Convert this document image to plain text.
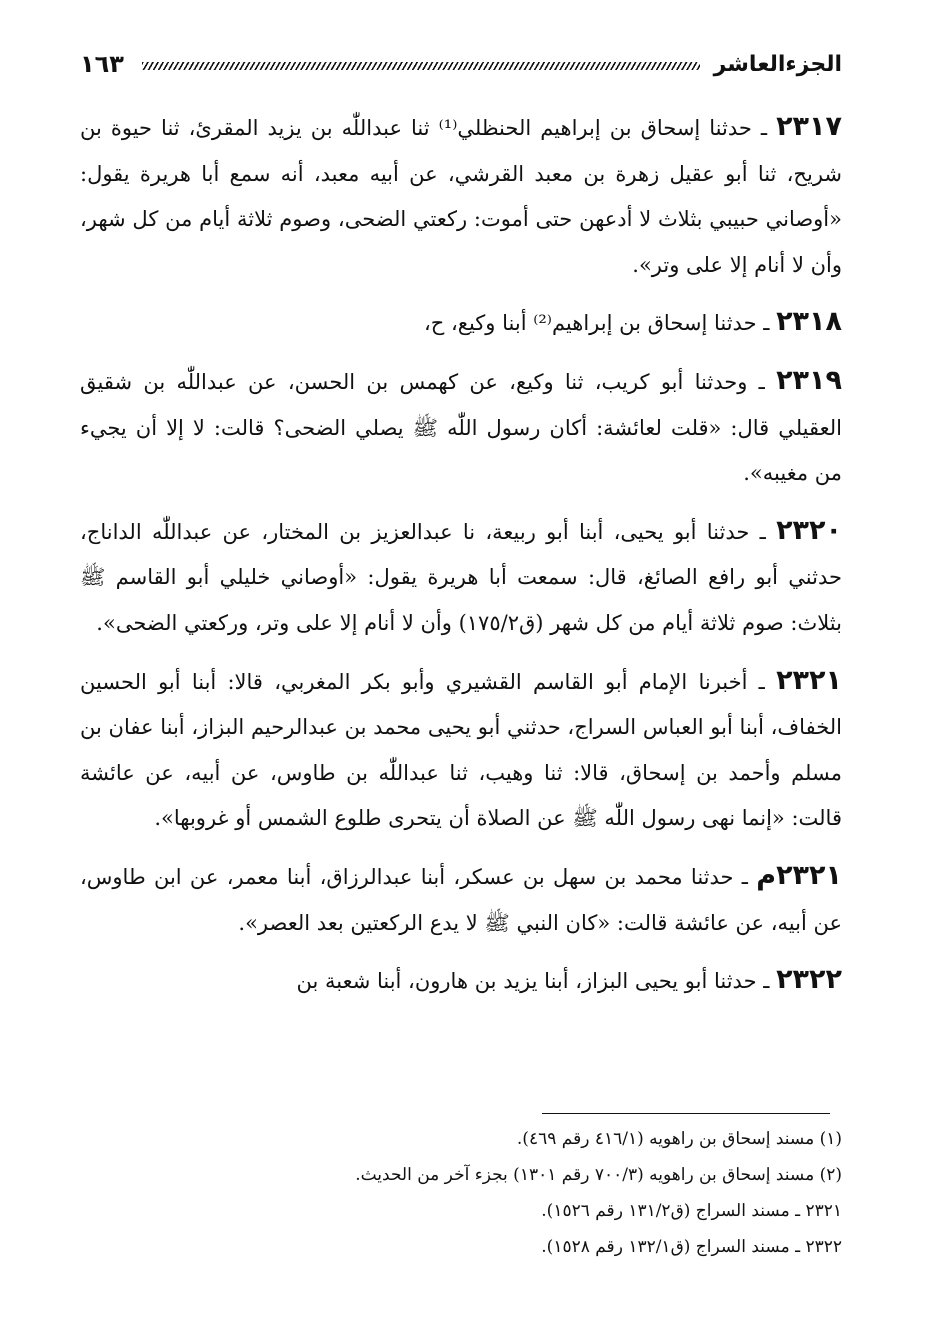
الجزءالعاشر
١٦٣

٢٣١٧ ـ حدثنا إسحاق بن إبراهيم الحنظلي⁽¹⁾ ثنا عبداللّٰه بن يزيد المقرئ، ثنا حيوة بن شريح، ثنا أبو عقيل زهرة بن معبد القرشي، عن أبيه معبد، أنه سمع أبا هريرة يقول: «أوصاني حبيبي بثلاث لا أدعهن حتى أموت: ركعتي الضحى، وصوم ثلاثة أيام من كل شهر، وأن لا أنام إلا على وتر».

٢٣١٨ ـ حدثنا إسحاق بن إبراهيم⁽²⁾ أبنا وكيع، ح،

٢٣١٩ ـ وحدثنا أبو كريب، ثنا وكيع، عن كهمس بن الحسن، عن عبداللّٰه بن شقيق العقيلي قال: «قلت لعائشة: أكان رسول اللّٰه ﷺ يصلي الضحى؟ قالت: لا إلا أن يجيء من مغيبه».

٢٣٢٠ ـ حدثنا أبو يحيى، أبنا أبو ربيعة، نا عبدالعزيز بن المختار، عن عبداللّٰه الداناج، حدثني أبو رافع الصائغ، قال: سمعت أبا هريرة يقول: «أوصاني خليلي أبو القاسم ﷺ بثلاث: صوم ثلاثة أيام من كل شهر (ق١٧٥/٢) وأن لا أنام إلا على وتر، وركعتي الضحى».

٢٣٢١ ـ أخبرنا الإمام أبو القاسم القشيري وأبو بكر المغربي، قالا: أبنا أبو الحسين الخفاف، أبنا أبو العباس السراج، حدثني أبو يحيى محمد بن عبدالرحيم البزاز، أبنا عفان بن مسلم وأحمد بن إسحاق، قالا: ثنا وهيب، ثنا عبداللّٰه بن طاوس، عن أبيه، عن عائشة قالت: «إنما نهى رسول اللّٰه ﷺ عن الصلاة أن يتحرى طلوع الشمس أو غروبها».

٢٣٢١م ـ حدثنا محمد بن سهل بن عسكر، أبنا عبدالرزاق، أبنا معمر، عن ابن طاوس، عن أبيه، عن عائشة قالت: «كان النبي ﷺ لا يدع الركعتين بعد العصر».

٢٣٢٢ ـ حدثنا أبو يحيى البزاز، أبنا يزيد بن هارون، أبنا شعبة بن

(١) مسند إسحاق بن راهويه (٤١٦/١ رقم ٤٦٩).
(٢) مسند إسحاق بن راهويه (٧٠٠/٣ رقم ١٣٠١) بجزء آخر من الحديث.
٢٣٢١ ـ مسند السراج (ق١٣١/٢ رقم ١٥٢٦).
٢٣٢٢ ـ مسند السراج (ق١٣٢/١ رقم ١٥٢٨).
